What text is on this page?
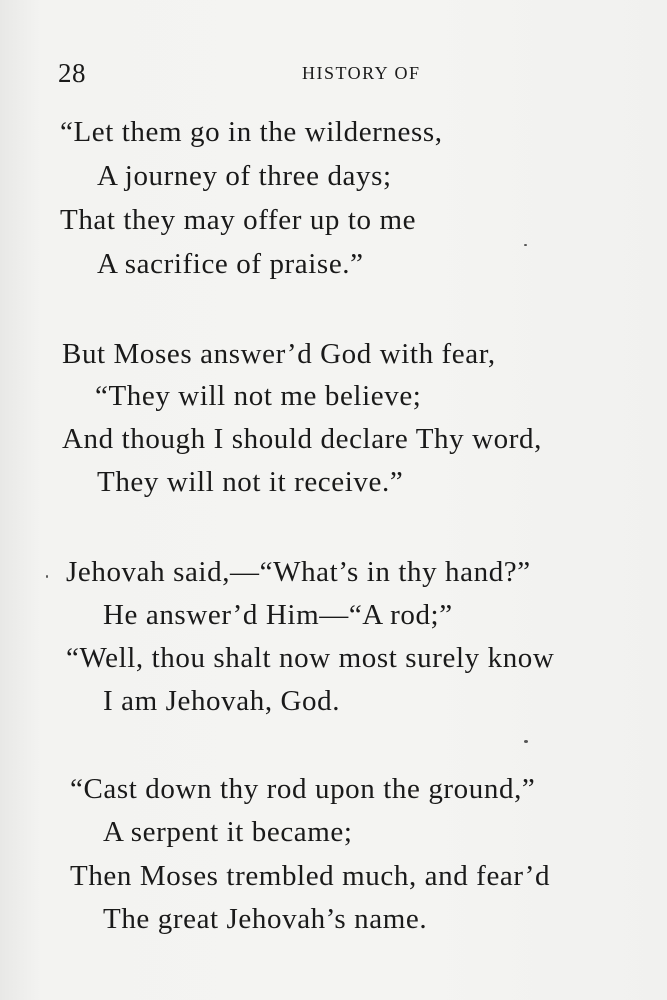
28	HISTORY OF
“Let them go in the wilderness,
A journey of three days;
That they may offer up to me
A sacrifice of praise.”
But Moses answer’d God with fear,
“They will not me believe;
And though I should declare Thy word,
They will not it receive.”
Jehovah said,—“What’s in thy hand?”
He answer’d Him—“A rod;”
“Well, thou shalt now most surely know
I am Jehovah, God.
“Cast down thy rod upon the ground,”
A serpent it became;
Then Moses trembled much, and fear’d
The great Jehovah’s name.
